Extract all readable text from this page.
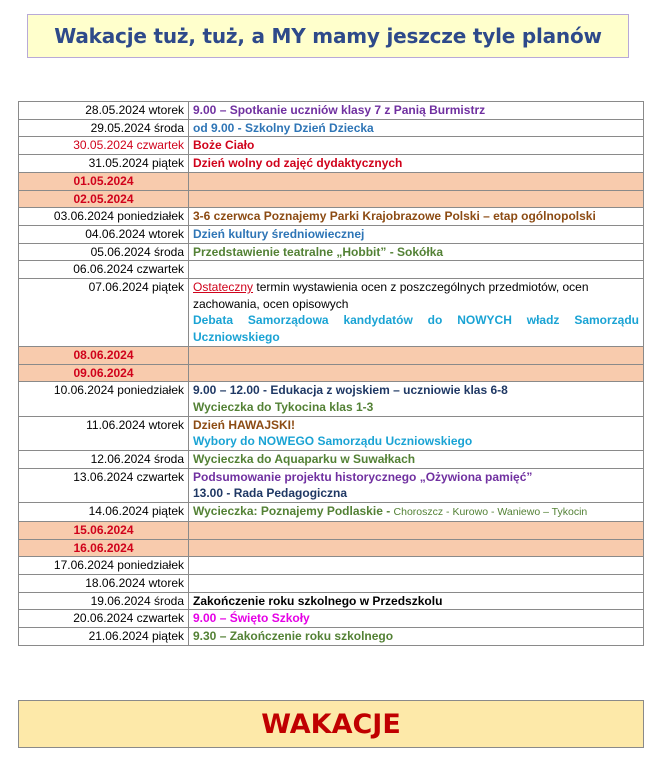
Wakacje tuż, tuż, a MY mamy jeszcze tyle planów
28.05.2024 wtorek	9.00 – Spotkanie uczniów klasy 7 z Panią Burmistrz
29.05.2024 środa	od 9.00 - Szkolny Dzień Dziecka
30.05.2024 czwartek	Boże Ciało
31.05.2024 piątek	Dzień wolny od zajęć dydaktycznych
01.05.2024	
02.05.2024	
03.06.2024 poniedziałek	3-6 czerwca Poznajemy Parki Krajobrazowe Polski – etap ogólnopolski
04.06.2024 wtorek	Dzień kultury średniowiecznej
05.06.2024 środa	Przedstawienie teatralne „Hobbit” - Sokółka
06.06.2024 czwartek	
07.06.2024 piątek	Ostateczny termin wystawienia ocen z poszczególnych przedmiotów, ocen zachowania, ocen opisowych
Debata Samorządowa kandydatów do NOWYCH władz Samorządu Uczniowskiego

08.06.2024	
09.06.2024	
10.06.2024 poniedziałek	9.00 – 12.00 - Edukacja z wojskiem – uczniowie klas 6-8
Wycieczka do Tykocina klas 1-3

11.06.2024 wtorek	Dzień HAWAJSKI!
Wybory do NOWEGO Samorządu Uczniowskiego

12.06.2024 środa	Wycieczka do Aquaparku w Suwałkach
13.06.2024 czwartek	Podsumowanie projektu historycznego „Ożywiona pamięć”
13.00 - Rada Pedagogiczna

14.06.2024 piątek	Wycieczka: Poznajemy Podlaskie - Choroszcz - Kurowo - Waniewo – Tykocin
15.06.2024	
16.06.2024	
17.06.2024 poniedziałek	
18.06.2024 wtorek	
19.06.2024 środa	Zakończenie roku szkolnego w Przedszkolu
20.06.2024 czwartek	9.00 – Święto Szkoły
21.06.2024 piątek	9.30 – Zakończenie roku szkolnego
WAKACJE
